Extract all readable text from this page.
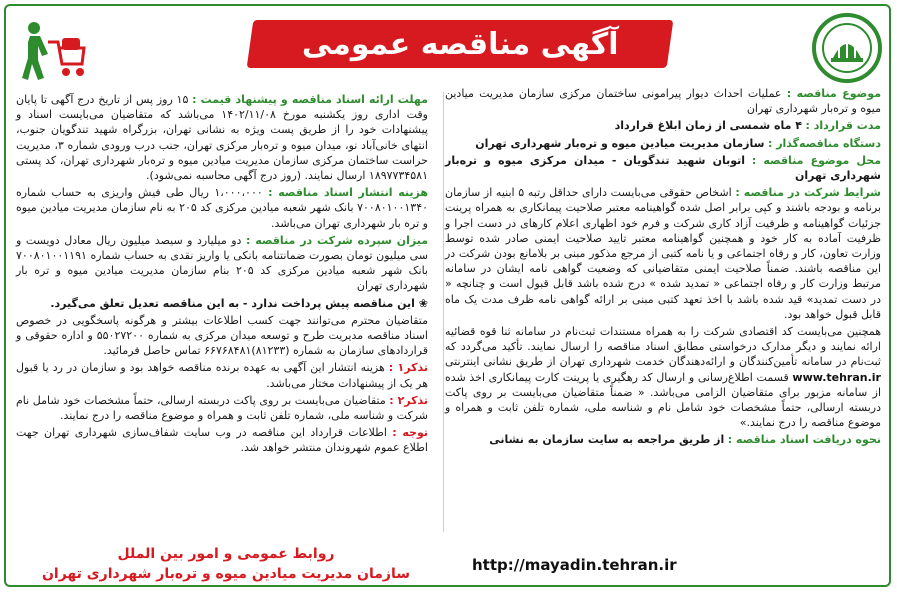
آگهی مناقصه عمومی

موضوع مناقصه : عملیات احداث دیوار پیرامونی ساختمان مرکزی سازمان مدیریت میادین میوه و تره‌بار شهرداری تهران

مدت قرارداد : ۴ ماه شمسی از زمان ابلاغ قرارداد

دستگاه مناقصه‌گذار : سازمان مدیریت میادین میوه و تره‌بار شهرداری تهران

محل موضوع مناقصه : اتوبان شهید تندگویان - میدان مرکزی میوه و تره‌بار شهرداری تهران

شرایط شرکت در مناقصه : اشخاص حقوقی می‌بایست دارای حداقل رتبه ۵ ابنیه از سازمان برنامه و بودجه باشند و کپی برابر اصل شده گواهینامه معتبر صلاحیت پیمانکاری به همراه پرینت جزئیات گواهینامه و ظرفیت آزاد کاری شرکت و فرم خود اظهاری اعلام کارهای در دست اجرا و ظرفیت آماده به کار خود و همچنین گواهینامه معتبر تایید صلاحیت ایمنی صادر شده توسط وزارت تعاون، کار و رفاه اجتماعی و یا نامه کتبی از مرجع مذکور مبنی بر بلامانع بودن شرکت در این مناقصه باشند. ضمناً صلاحیت ایمنی متقاضیانی که وضعیت گواهی نامه ایشان در سامانه مرتبط وزارت کار و رفاه اجتماعی « تمدید شده » درج شده باشد قابل قبول است و چنانچه « در دست تمدید» قید شده باشد با اخذ تعهد کتبی مبنی بر ارائه گواهی نامه ظرف مدت یک ماه قابل قبول خواهد بود.

همچنین می‌بایست کد اقتصادی شرکت را به همراه مستندات ثبت‌نام در سامانه ثنا قوه قضائیه ارائه نمایند و دیگر مدارک درخواستی مطابق اسناد مناقصه را ارسال نمایند. تأکید می‌گردد که ثبت‌نام در سامانه تأمین‌کنندگان و ارائه‌دهندگان خدمت شهرداری تهران از طریق نشانی اینترنتی www.tehran.ir قسمت اطلاع‌رسانی و ارسال کد رهگیری یا پرینت کارت پیمانکاری اخذ شده از سامانه مزبور برای متقاضیان الزامی می‌باشد. « ضمناً متقاضیان می‌بایست بر روی پاکت دربسته ارسالی، حتماً مشخصات خود شامل نام و شناسه ملی، شماره تلفن ثابت و همراه و موضوع مناقصه را درج نمایند.»

نحوه دریافت اسناد مناقصه : از طریق مراجعه به سایت سازمان به نشانی

http://mayadin.tehran.ir

مهلت ارائه اسناد مناقصه و پیشنهاد قیمت : ۱۵ روز پس از تاریخ درج آگهی تا پایان وقت اداری روز یکشنبه مورخ ۱۴۰۲/۱۱/۰۸ می‌باشد که متقاضیان می‌بایست اسناد و پیشنهادات خود را از طریق پست ویژه به نشانی تهران، بزرگراه شهید تندگویان جنوب، انتهای خانی‌آباد نو، میدان میوه و تره‌بار مرکزی تهران، جنب درب ورودی شماره ۳، مدیریت حراست ساختمان مرکزی سازمان مدیریت میادین میوه و تره‌بار شهرداری تهران، کد پستی ۱۸۹۷۷۳۴۵۸۱ ارسال نمایند. (روز درج آگهی محاسبه نمی‌شود).

هزینه انتشار اسناد مناقصه : ۱،۰۰۰،۰۰۰ ریال طی فیش واریزی به حساب شماره ۷۰۰۸۰۱۰۰۱۳۴۰ بانک شهر شعبه میادین مرکزی کد ۲۰۵ به نام سازمان مدیریت میادین میوه و تره بار شهرداری تهران می‌باشد.

میزان سپرده شرکت در مناقصه : دو میلیارد و سیصد میلیون ریال معادل دویست و سی میلیون تومان بصورت ضمانتنامه بانکی یا واریز نقدی به حساب شماره ۷۰۰۸۰۱۰۰۱۱۹۱ بانک شهر شعبه میادین مرکزی کد ۲۰۵ بنام سازمان مدیریت میادین میوه و تره بار شهرداری تهران

❀ این مناقصه پیش پرداخت ندارد - به این مناقصه تعدیل تعلق می‌گیرد.

متقاضیان محترم می‌توانند جهت کسب اطلاعات بیشتر و هرگونه پاسخگویی در خصوص اسناد مناقصه مدیریت طرح و توسعه میدان مرکزی به شماره ۵۵۰۲۷۲۰۰ و اداره حقوقی و قراردادهای سازمان به شماره (۸۱۲۳۳)۶۶۷۶۸۴۸۱ تماس حاصل فرمائید.

تذکر۱ : هزینه انتشار این آگهی به عهده برنده مناقصه خواهد بود و سازمان در رد یا قبول هر یک از پیشنهادات مختار می‌باشد.

تذکر۲ : متقاضیان می‌بایست بر روی پاکت دربسته ارسالی، حتماً مشخصات خود شامل نام شرکت و شناسه ملی، شماره تلفن ثابت و همراه و موضوع مناقصه را درج نمایند.

توجه : اطلاعات قرارداد این مناقصه در وب سایت شفاف‌سازی شهرداری تهران جهت اطلاع عموم شهروندان منتشر خواهد شد.

روابط عمومی و امور بین الملل
سازمان مدیریت میادین میوه و تره‌بار شهرداری تهران
